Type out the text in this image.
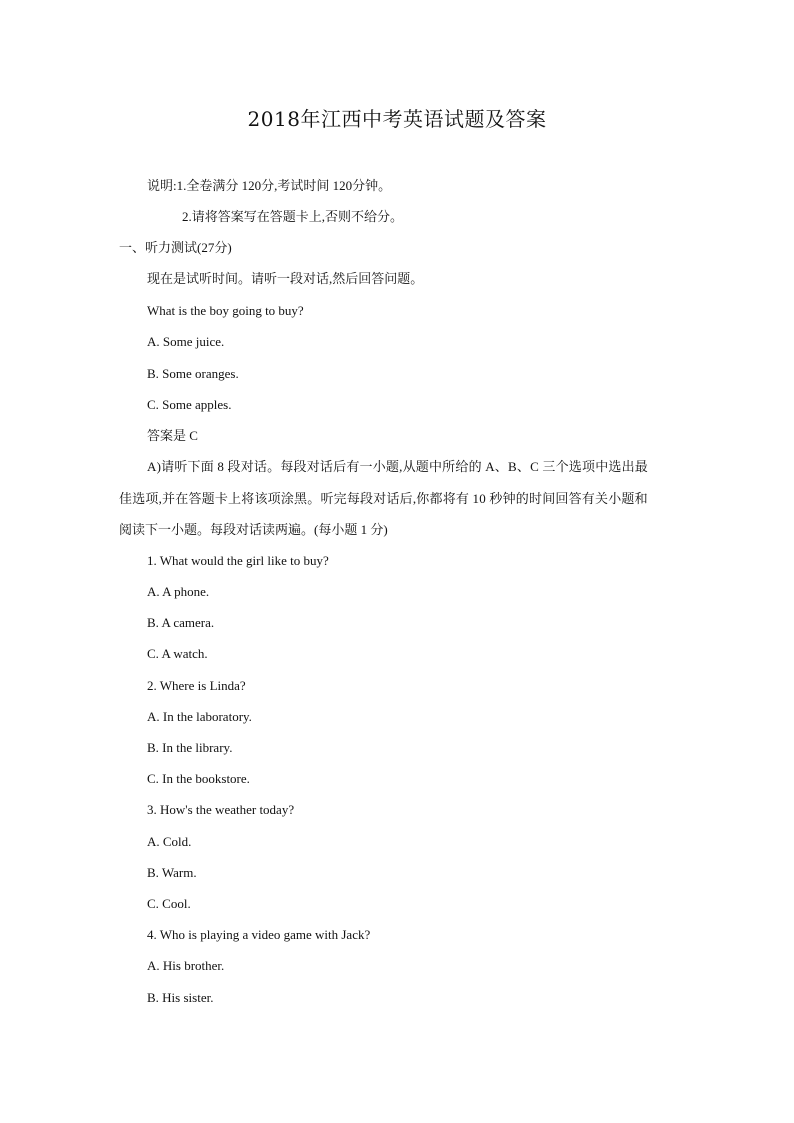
2018年江西中考英语试题及答案
说明:1.全卷满分 120分,考试时间 120分钟。
2.请将答案写在答题卡上,否则不给分。
一、听力测试(27分)
现在是试听时间。请听一段对话,然后回答问题。
What is the boy going to buy?
A. Some juice.
B. Some oranges.
C. Some apples.
答案是 C
A)请听下面 8 段对话。每段对话后有一小题,从题中所给的 A、B、C 三个选项中选出最
佳选项,并在答题卡上将该项涂黑。听完每段对话后,你都将有 10 秒钟的时间回答有关小题和
阅读下一小题。每段对话读两遍。(每小题 1 分)
1. What would the girl like to buy?
A. A phone.
B. A camera.
C. A watch.
2. Where is Linda?
A. In the laboratory.
B. In the library.
C. In the bookstore.
3. How's the weather today?
A. Cold.
B. Warm.
C. Cool.
4. Who is playing a video game with Jack?
A. His brother.
B. His sister.
